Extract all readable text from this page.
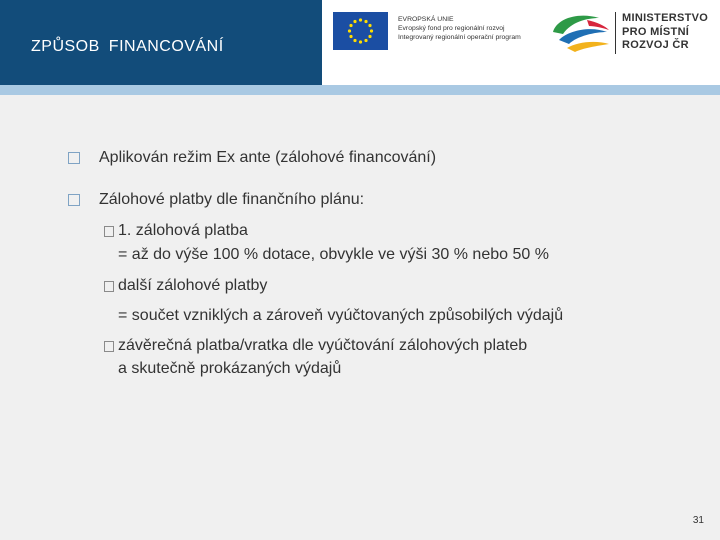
ZPŮSOB FINANCOVÁNÍ
EVROPSKÁ UNIE
Evropský fond pro regionální rozvoj
Integrovaný regionální operační program
MINISTERSTVO
PRO MÍSTNÍ
ROZVOJ ČR
Aplikován režim Ex ante (zálohové financování)
Zálohové platby dle finančního plánu:
1. zálohová platba
= až do výše 100 % dotace, obvykle ve výši 30 % nebo 50 %
další zálohové platby
= součet vzniklých a zároveň vyúčtovaných způsobilých výdajů
závěrečná platba/vratka dle vyúčtování zálohových plateb
a skutečně prokázaných výdajů
31
